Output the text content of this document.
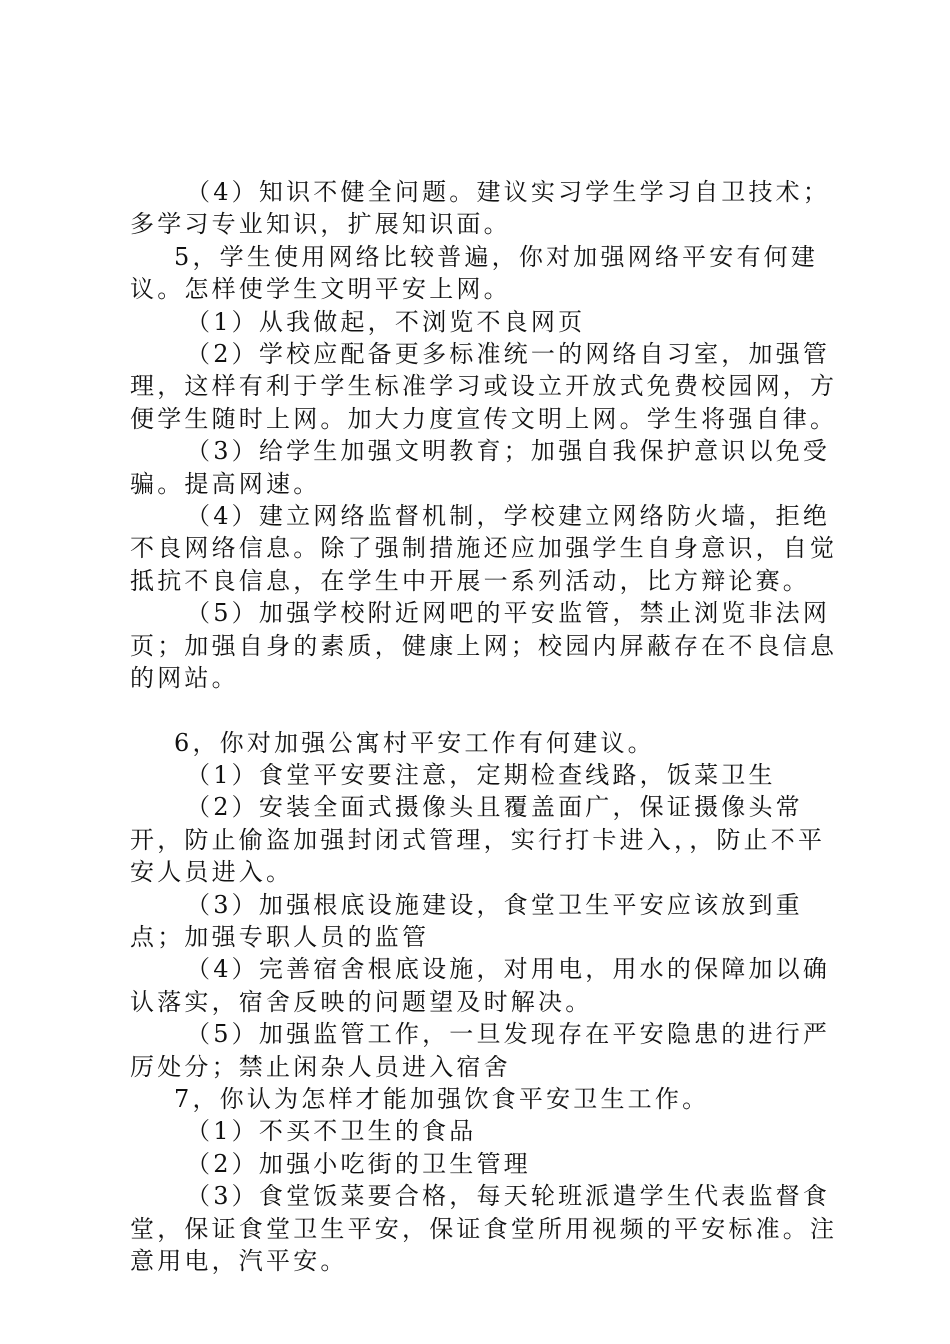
（4）知识不健全问题。建议实习学生学习自卫技术；多学习专业知识，扩展知识面。

5，学生使用网络比较普遍，你对加强网络平安有何建议。怎样使学生文明平安上网。

（1）从我做起，不浏览不良网页

（2）学校应配备更多标准统一的网络自习室，加强管理，这样有利于学生标准学习或设立开放式免费校园网，方便学生随时上网。加大力度宣传文明上网。学生将强自律。

（3）给学生加强文明教育；加强自我保护意识以免受骗。提高网速。

（4）建立网络监督机制，学校建立网络防火墙，拒绝不良网络信息。除了强制措施还应加强学生自身意识，自觉抵抗不良信息，在学生中开展一系列活动，比方辩论赛。

（5）加强学校附近网吧的平安监管，禁止浏览非法网页；加强自身的素质，健康上网；校园内屏蔽存在不良信息的网站。

6，你对加强公寓村平安工作有何建议。

（1）食堂平安要注意，定期检查线路，饭菜卫生

（2）安装全面式摄像头且覆盖面广，保证摄像头常开，防止偷盗加强封闭式管理，实行打卡进入，，防止不平安人员进入。

（3）加强根底设施建设，食堂卫生平安应该放到重点；加强专职人员的监管

（4）完善宿舍根底设施，对用电，用水的保障加以确认落实，宿舍反映的问题望及时解决。

（5）加强监管工作，一旦发现存在平安隐患的进行严厉处分；禁止闲杂人员进入宿舍

7，你认为怎样才能加强饮食平安卫生工作。

（1）不买不卫生的食品

（2）加强小吃街的卫生管理

（3）食堂饭菜要合格，每天轮班派遣学生代表监督食堂，保证食堂卫生平安，保证食堂所用视频的平安标准。注意用电，汽平安。
